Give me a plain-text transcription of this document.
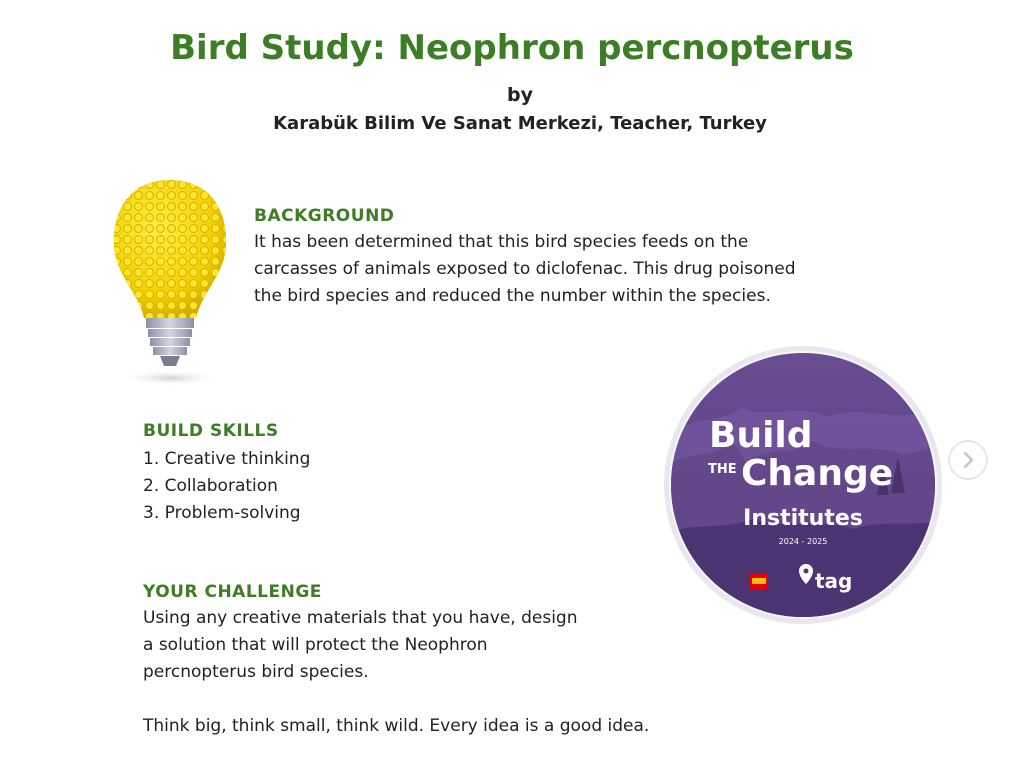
Bird Study: Neophron percnopterus
by
Karabük Bilim Ve Sanat Merkezi, Teacher, Turkey
BACKGROUND
It has been determined that this bird species feeds on the
carcasses of animals exposed to diclofenac. This drug poisoned
the bird species and reduced the number within the species.
BUILD SKILLS
1. Creative thinking
2. Collaboration
3. Problem-solving
YOUR CHALLENGE
Using any creative materials that you have, design
a solution that will protect the Neophron
percnopterus bird species.
Think big, think small, think wild. Every idea is a good idea.
Build
THE Change
Institutes
2024 - 2025
tag
